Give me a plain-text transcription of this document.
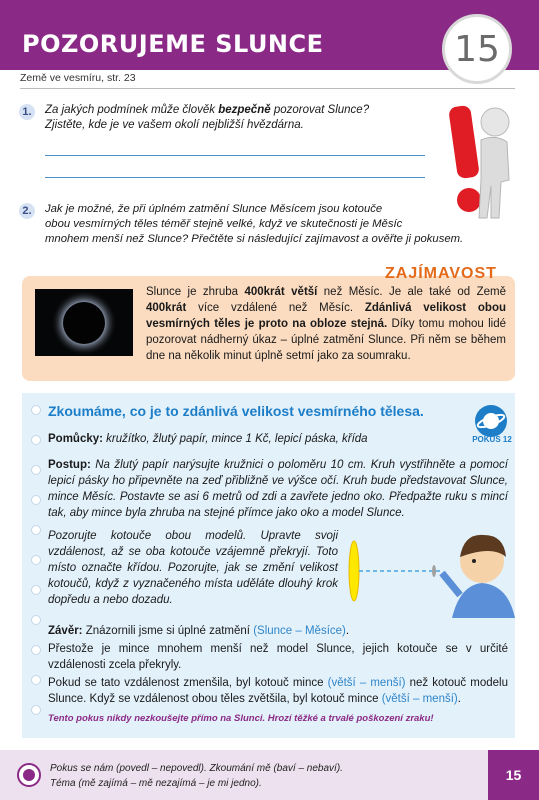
POZORUJEME SLUNCE	15
Země ve vesmíru, str. 23
1. Za jakých podmínek může člověk bezpečně pozorovat Slunce?
Zjistěte, kde je ve vašem okolí nejbližší hvězdárna.
2.	Jak je možné, že při úplném zatmění Slunce Měsícem jsou kotouče
obou vesmírných těles téměř stejně velké, když ve skutečnosti je Měsíc
mnohem menší než Slunce? Přečtěte si následující zajímavost a ověřte ji pokusem.
Slunce je zhruba 400krát větší než Měsíc. Je ale také od Země 400krát více vzdálené než Měsíc. Zdánlivá velikost obou vesmírných těles je proto na obloze stejná. Díky tomu mohou lidé pozorovat nádherný úkaz – úplné zatmění Slunce. Při něm se během dne na několik minut úplně setmí jako za soumraku.
ZAJÍMAVOST
Zkoumáme, co je to zdánlivá velikost vesmírného tělesa.
POKUS 12
Pomůcky: kružítko, žlutý papír, mince 1 Kč, lepicí páska, křída
Postup: Na žlutý papír narýsujte kružnici o poloměru 10 cm. Kruh vystřihněte a pomocí lepicí pásky ho připevněte na zeď přibližně ve výšce očí. Kruh bude představovat Slunce, mince Měsíc. Postavte se asi 6 metrů od zdi a zavřete jedno oko. Předpažte ruku s mincí tak, aby mince byla zhruba na stejné přímce jako oko a model Slunce.
Pozorujte kotouče obou modelů. Upravte svoji vzdálenost, až se oba kotouče vzájemně překryjí. Toto místo označte křídou. Pozorujte, jak se změní velikost kotoučů, když z vyznačeného místa uděláte dlouhý krok dopředu a nebo dozadu.
Závěr: Znázornili jsme si úplné zatmění (Slunce – Měsíce).
Přestože je mince mnohem menší než model Slunce, jejich kotouče se v určité vzdálenosti zcela překryly.
Pokud se tato vzdálenost zmenšila, byl kotouč mince (větší – menší) než kotouč modelu Slunce. Když se vzdálenost obou těles zvětšila, byl kotouč mince (větší – menší).
Tento pokus nikdy nezkoušejte přímo na Slunci. Hrozí těžké a trvalé poškození zraku!
Pokus se nám (povedl – nepovedl). Zkoumání mě (baví – nebaví).
Téma (mě zajímá – mě nezajímá – je mi jedno).
15
